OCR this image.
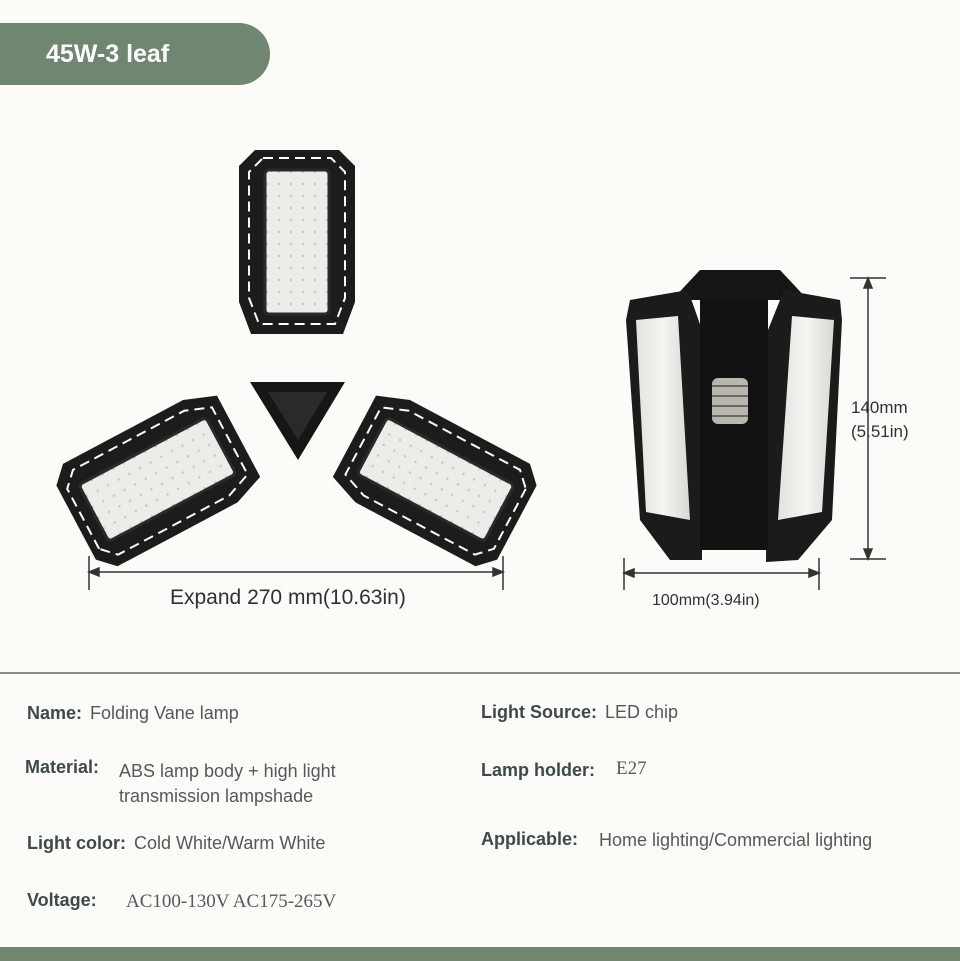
45W-3 leaf
Expand 270 mm(10.63in)
140mm
(5.51in)
100mm(3.94in)
Name: Folding Vane lamp
Material:	ABS lamp body + high light
transmission lampshade
Light color: Cold White/Warm White
Voltage:	AC100-130V AC175-265V
Light Source: LED chip
Lamp holder:	E27
Applicable:	Home lighting/Commercial lighting
